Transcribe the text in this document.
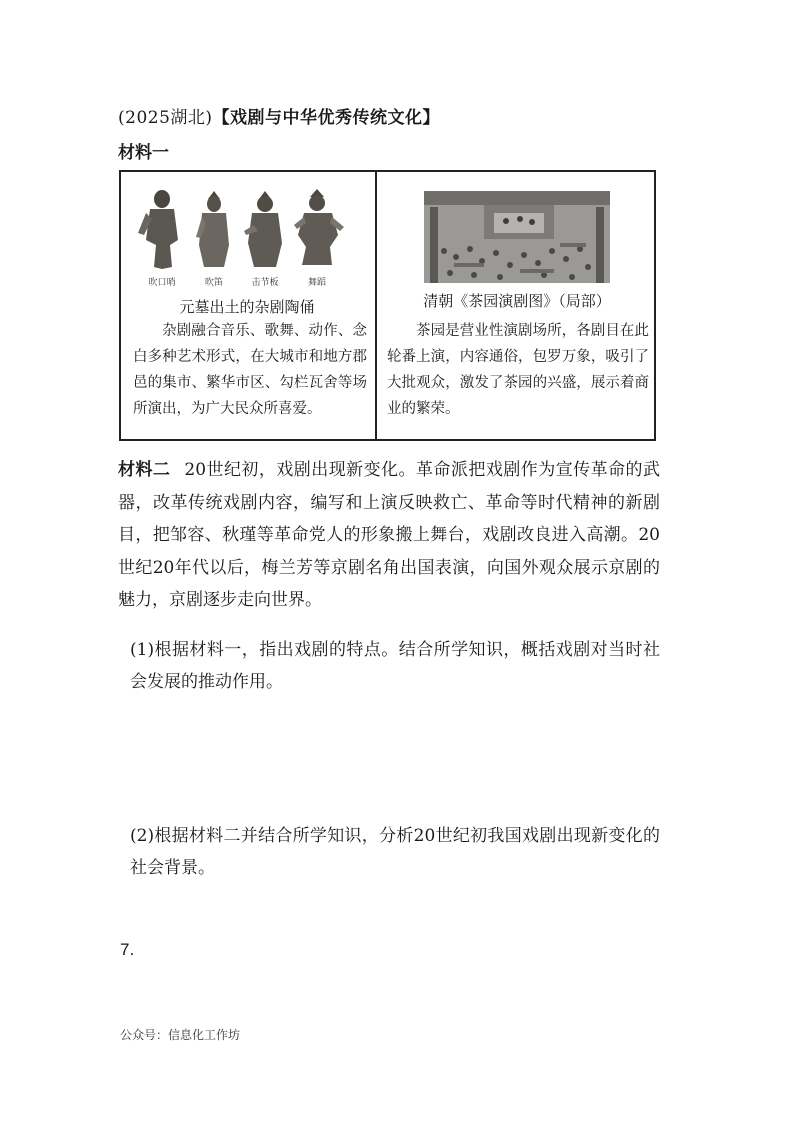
(2025湖北)【戏剧与中华优秀传统文化】
材料一
吹口哨	吹笛	击节板	舞蹈
元墓出土的杂剧陶俑
杂剧融合音乐、歌舞、动作、念白多种艺术形式，在大城市和地方郡邑的集市、繁华市区、勾栏瓦舍等场所演出，为广大民众所喜爱。
清朝《茶园演剧图》（局部）
茶园是营业性演剧场所，各剧目在此轮番上演，内容通俗，包罗万象，吸引了大批观众，激发了茶园的兴盛，展示着商业的繁荣。
材料二 20世纪初，戏剧出现新变化。革命派把戏剧作为宣传革命的武器，改革传统戏剧内容，编写和上演反映救亡、革命等时代精神的新剧目，把邹容、秋瑾等革命党人的形象搬上舞台，戏剧改良进入高潮。20世纪20年代以后，梅兰芳等京剧名角出国表演，向国外观众展示京剧的魅力，京剧逐步走向世界。
(1)根据材料一，指出戏剧的特点。结合所学知识，概括戏剧对当时社会发展的推动作用。
(2)根据材料二并结合所学知识，分析20世纪初我国戏剧出现新变化的社会背景。
7.
公众号：信息化工作坊
